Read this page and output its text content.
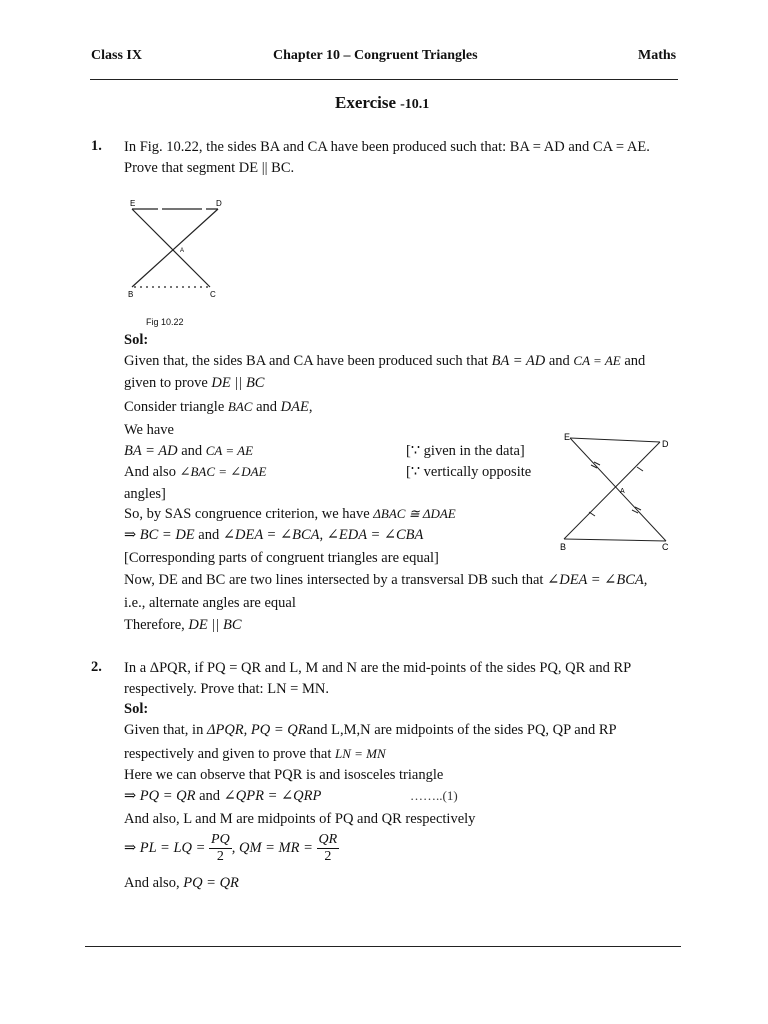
Class IX	Chapter 10 – Congruent Triangles	Maths
Exercise -10.1
1. In Fig. 10.22, the sides BA and CA have been produced such that: BA = AD and CA = AE.
Prove that segment DE || BC.
E	D
A
B	C
Fig 10.22
Sol:
Given that, the sides BA and CA have been produced such that BA = AD and CA = AE and
given to prove DE || BC
Consider triangle BAC and DAE,
We have
BA = AD and CA = AE	[∵ given in the data]
And also ∠BAC = ∠DAE	[∵ vertically opposite
angles]
So, by SAS congruence criterion, we have ΔBAC ≅ ΔDAE
⇒ BC = DE and ∠DEA = ∠BCA, ∠EDA = ∠CBA
[Corresponding parts of congruent triangles are equal]
Now, DE and BC are two lines intersected by a transversal DB such that ∠DEA = ∠BCA,
i.e., alternate angles are equal
Therefore, DE || BC
E
D
A
B	C
2. In a ΔPQR, if PQ = QR and L, M and N are the mid-points of the sides PQ, QR and RP
respectively. Prove that: LN = MN.
Sol:
Given that, in ΔPQR, PQ = QRand L,M,N are midpoints of the sides PQ, QP and RP
respectively and given to prove that LN = MN
Here we can observe that PQR is and isosceles triangle
⇒ PQ = QR and ∠QPR = ∠QRP	……..(1)
And also, L and M are midpoints of PQ and QR respectively
⇒ PL = LQ = $\frac{PQ}{2}$ , QM = MR = $\frac{QR}{2}$
And also, PQ = QR
